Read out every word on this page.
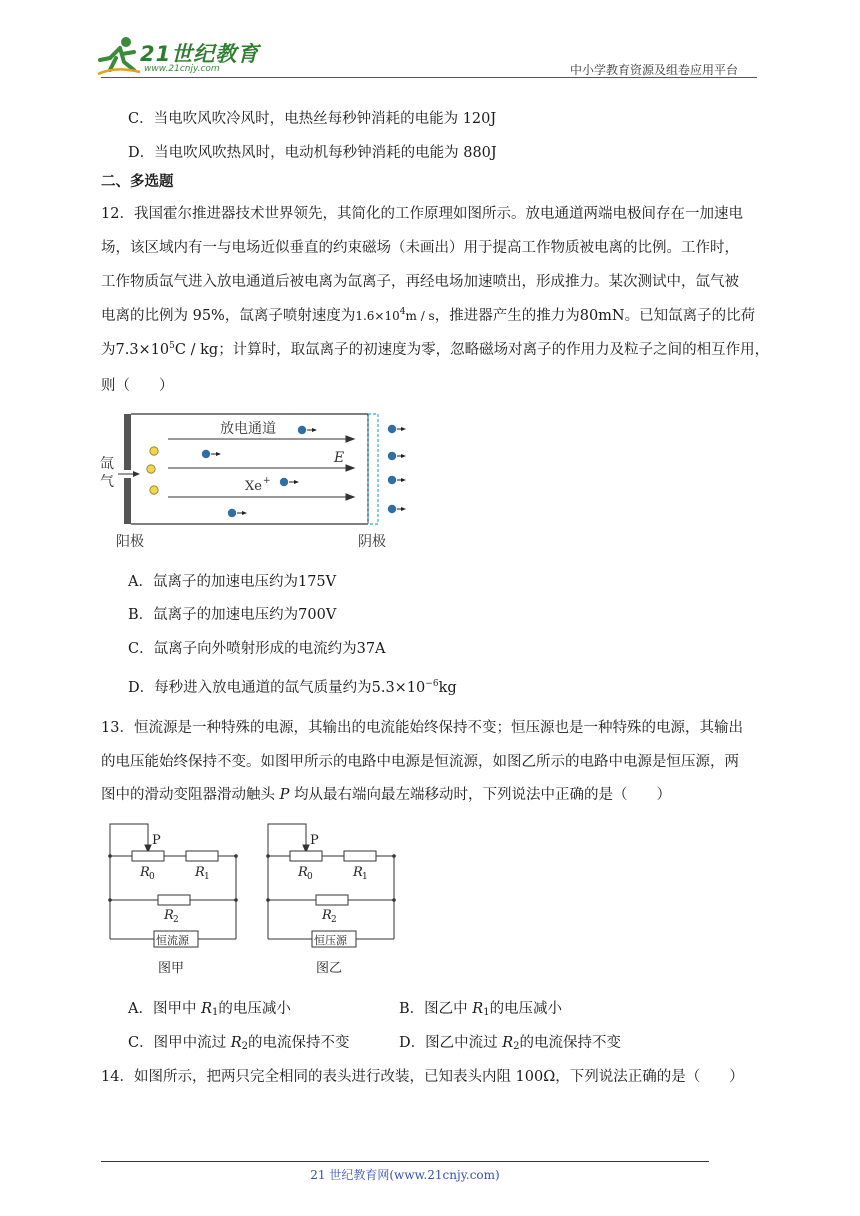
21世纪教育
www.21cnjy.com	中小学教育资源及组卷应用平台
C．当电吹风吹冷风时，电热丝每秒钟消耗的电能为 120J
D．当电吹风吹热风时，电动机每秒钟消耗的电能为 880J
二、多选题
12．我国霍尔推进器技术世界领先，其简化的工作原理如图所示。放电通道两端电极间存在一加速电
场，该区域内有一与电场近似垂直的约束磁场（未画出）用于提高工作物质被电离的比例。工作时，
工作物质氙气进入放电通道后被电离为氙离子，再经电场加速喷出，形成推力。某次测试中，氙气被
电离的比例为 95%，氙离子喷射速度为$1.6\times 10^4m / s$，推进器产生的推力为80mN。已知氙离子的比荷
为$7.3\times 10^5C$ / kg；计算时，取氙离子的初速度为零，忽略磁场对离子的作用力及粒子之间的相互作用，
则（　　）
放电通道
E
Xe +
氙
气
阳极	阴极
A．氙离子的加速电压约为175V
B．氙离子的加速电压约为700V
C．氙离子向外喷射形成的电流约为37A
D．每秒进入放电通道的氙气质量约为$5.3\times 10^{-6}kg$
13．恒流源是一种特殊的电源，其输出的电流能始终保持不变；恒压源也是一种特殊的电源，其输出
的电压能始终保持不变。如图甲所示的电路中电源是恒流源，如图乙所示的电路中电源是恒压源，两
图中的滑动变阻器滑动触头 P 均从最右端向最左端移动时，下列说法中正确的是（　　）
P
R 0	R 1
R 2
恒流源
图甲
P
R 0	R 1
R 2
恒压源
图乙
A．图甲中 $R_1$的电压减小	B．图乙中 $R_1$的电压减小
C．图甲中流过 $R_2$的电流保持不变	D．图乙中流过 $R_2$的电流保持不变
14．如图所示，把两只完全相同的表头进行改装，已知表头内阻 100Ω，下列说法正确的是（　　）
21 世纪教育网(www.21cnjy.com)
